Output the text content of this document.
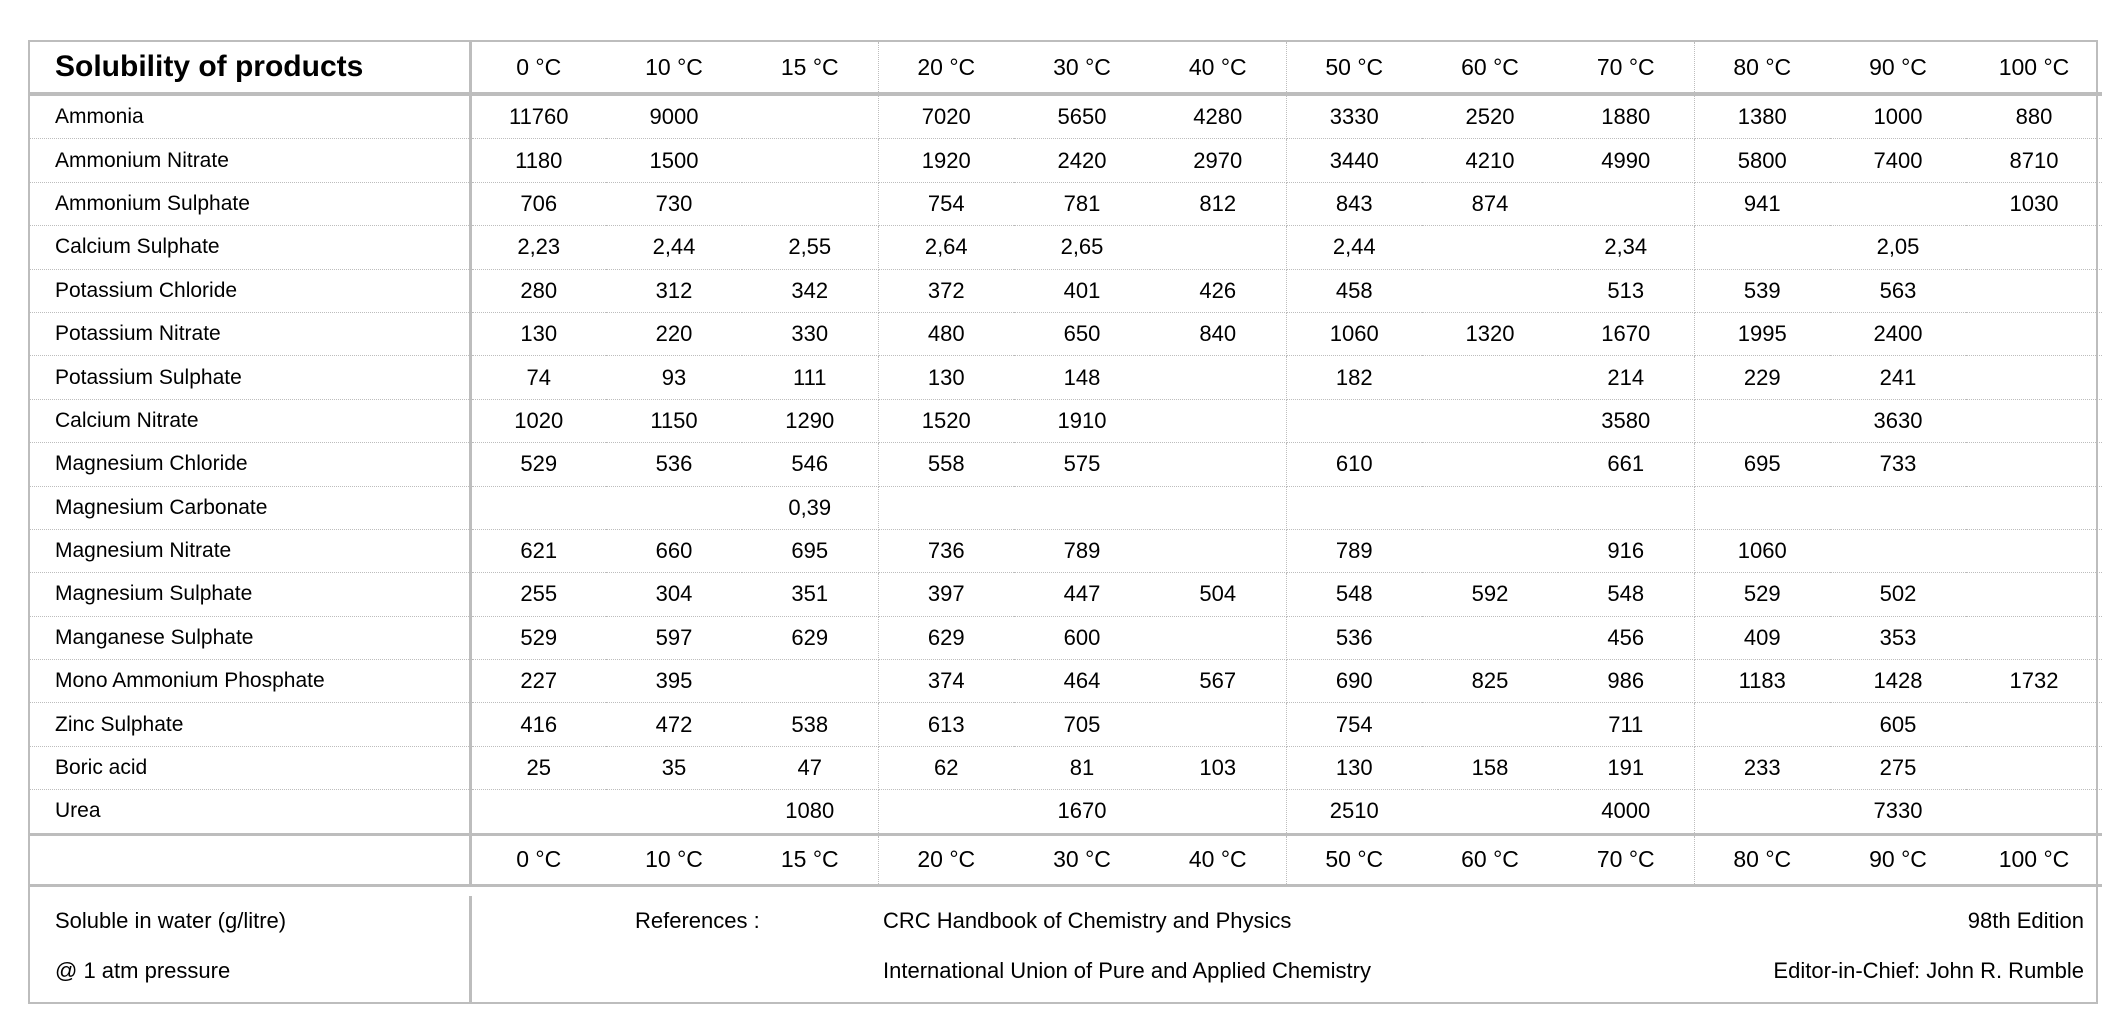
Solubility of products	0 °C	10 °C	15 °C	20 °C	30 °C	40 °C	50 °C	60 °C	70 °C	80 °C	90 °C	100 °C
Ammonia	11760	9000		7020	5650	4280	3330	2520	1880	1380	1000	880
Ammonium Nitrate	1180	1500		1920	2420	2970	3440	4210	4990	5800	7400	8710
Ammonium Sulphate	706	730		754	781	812	843	874		941		1030
Calcium Sulphate	2,23	2,44	2,55	2,64	2,65		2,44		2,34		2,05	
Potassium Chloride	280	312	342	372	401	426	458		513	539	563	
Potassium Nitrate	130	220	330	480	650	840	1060	1320	1670	1995	2400	
Potassium Sulphate	74	93	111	130	148		182		214	229	241	
Calcium Nitrate	1020	1150	1290	1520	1910				3580		3630	
Magnesium Chloride	529	536	546	558	575		610		661	695	733	
Magnesium Carbonate			0,39									
Magnesium Nitrate	621	660	695	736	789		789		916	1060		
Magnesium Sulphate	255	304	351	397	447	504	548	592	548	529	502	
Manganese Sulphate	529	597	629	629	600		536		456	409	353	
Mono Ammonium Phosphate	227	395		374	464	567	690	825	986	1183	1428	1732
Zinc Sulphate	416	472	538	613	705		754		711		605	
Boric acid	25	35	47	62	81	103	130	158	191	233	275	
Urea			1080		1670		2510		4000		7330	
	0 °C	10 °C	15 °C	20 °C	30 °C	40 °C	50 °C	60 °C	70 °C	80 °C	90 °C	100 °C
Soluble in water (g/litre)
@ 1 atm pressure
References :	CRC Handbook of Chemistry and Physics
International Union of Pure and Applied Chemistry
98th Edition
Editor-in-Chief: John R. Rumble
